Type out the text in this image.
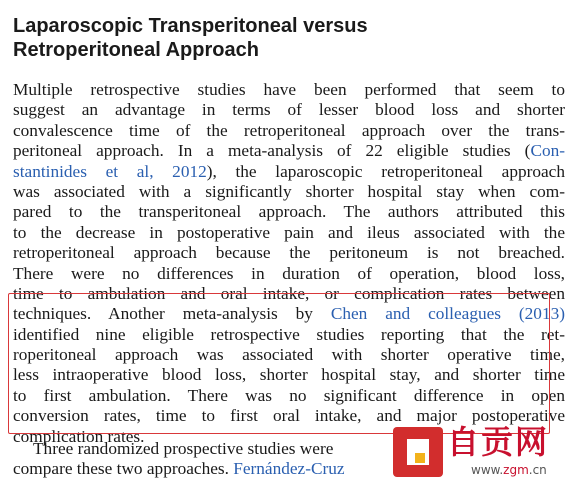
Laparoscopic Transperitoneal versus
Retroperitoneal Approach
Multiple retrospective studies have been performed that seem to
suggest an advantage in terms of lesser blood loss and shorter
convalescence time of the retroperitoneal approach over the trans-
peritoneal approach. In a meta-analysis of 22 eligible studies (Con-
stantinides et al, 2012), the laparoscopic retroperitoneal approach
was associated with a significantly shorter hospital stay when com-
pared to the transperitoneal approach. The authors attributed this
to the decrease in postoperative pain and ileus associated with the
retroperitoneal approach because the peritoneum is not breached.
There were no differences in duration of operation, blood loss,
time to ambulation and oral intake, or complication rates between
techniques. Another meta-analysis by Chen and colleagues (2013)
identified nine eligible retrospective studies reporting that the ret-
roperitoneal approach was associated with shorter operative time,
less intraoperative blood loss, shorter hospital stay, and shorter time
to first ambulation. There was no significant difference in open
conversion rates, time to first oral intake, and major postoperative
complication rates.
Three randomized prospective studies were
compare these two approaches. Fernández-Cruz
自贡网
www.zgm.cn
